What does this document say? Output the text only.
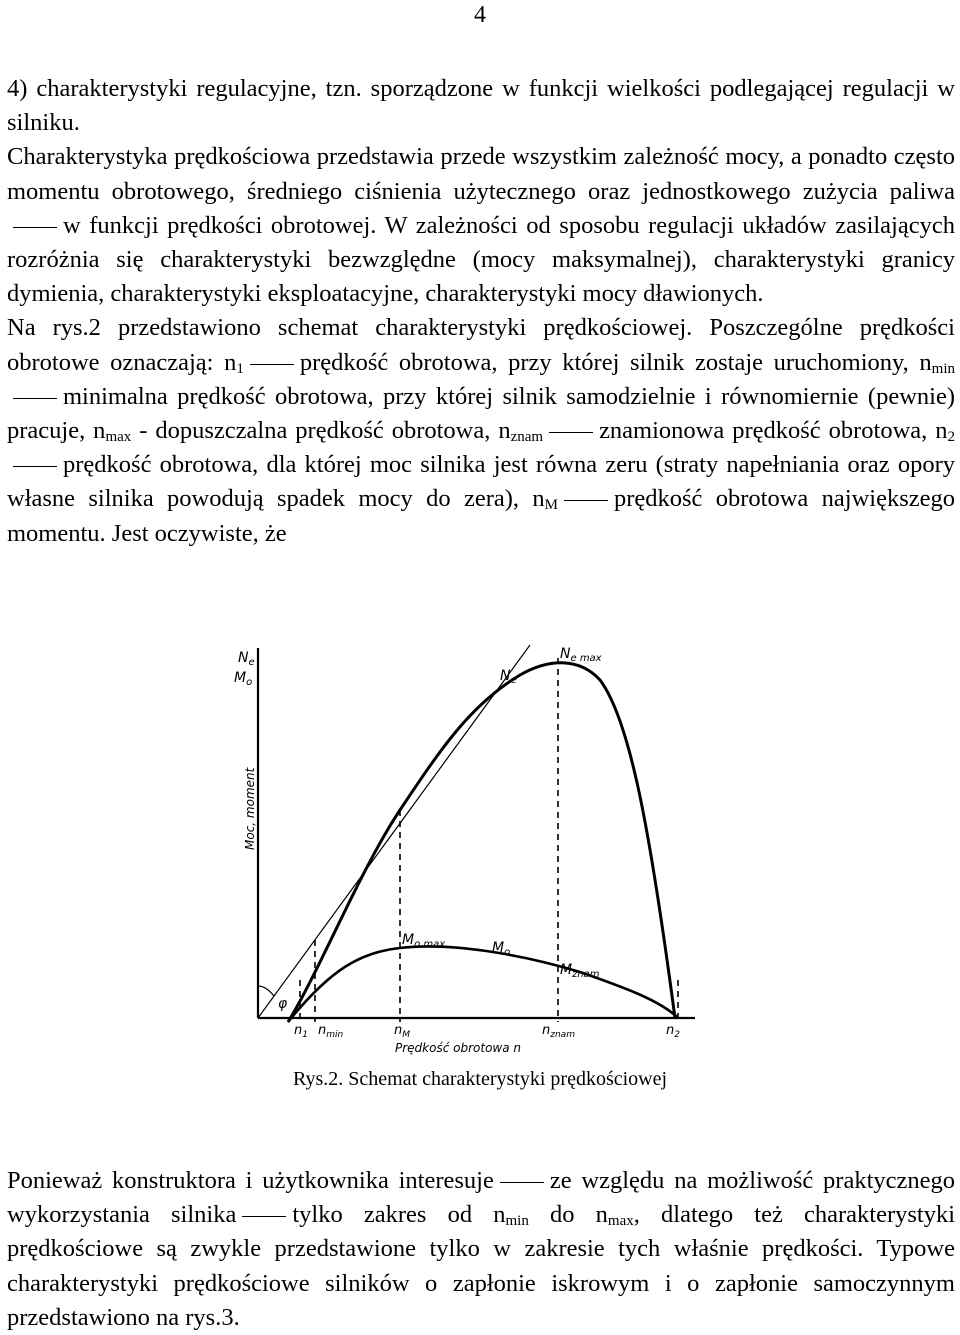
4

4) charakterystyki regulacyjne, tzn. sporządzone w funkcji wielkości podlegającej regulacji w silniku.

Charakterystyka prędkościowa przedstawia przede wszystkim zależność mocy, a ponadto często momentu obrotowego, średniego ciśnienia użytecznego oraz jednostkowego zużycia paliwaw funkcji prędkości obrotowej. W zależności od sposobu regulacji układów zasilających rozróżnia się charakterystyki bezwzględne (mocy maksymalnej), charakterystyki granicy dymienia, charakterystyki eksploatacyjne, charakterystyki mocy dławionych.

Na rys.2 przedstawiono schemat charakterystyki prędkościowej. Poszczególne prędkości obrotowe oznaczają: $n_1$ prędkość obrotowa, przy której silnik zostaje uruchomiony, $n_{min}minimalna$ prędkość obrotowa, przy której silnik samodzielnie i równomiernie (pewnie) pracuje, $n_{max}$ - dopuszczalna prędkość obrotowa, $n_{znam}$ znamionowa prędkość obrotowa, $n_2prędkość$ obrotowa, dla której moc silnika jest równa zeru (straty napełniania oraz opory własne silnika powodują spadek mocy do zera), $n_M$ prędkość obrotowa największego momentu. Jest oczywiste, że

$N_e$
$M_o$
Moc, moment
$N_e$
$N_{e max}$
$M_{o max}$	$M_o$
$M_{znam}$
φ
$n_1$ $n_{min}$	$n_M$	$n_{znam}$	$n_2$
Prędkość obrotowa n
Rys.2. Schemat charakterystyki prędkościowej

Ponieważ konstruktora i użytkownika interesuje ze względu na możliwość praktycznego wykorzystania silnika tylko zakres od $n_{min}$ do $n_{max}$, dlatego też charakterystyki prędkościowe są zwykle przedstawione tylko w zakresie tych właśnie prędkości. Typowe charakterystyki prędkościowe silników o zapłonie iskrowym i o zapłonie samoczynnym przedstawiono na rys.3.
